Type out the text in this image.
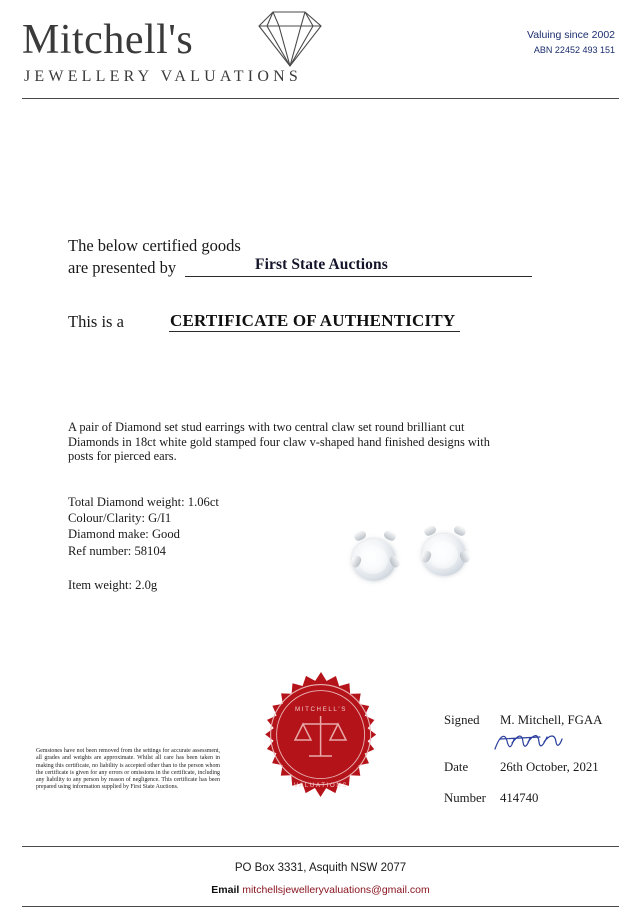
Mitchell's
JEWELLERY VALUATIONS
Valuing since 2002
ABN 22452 493 151
The below certified goods
are presented by	First State Auctions
This is a	CERTIFICATE OF AUTHENTICITY
A pair of Diamond set stud earrings with two central claw set round brilliant cut Diamonds in 18ct white gold stamped four claw v-shaped hand finished designs with posts for pierced ears.
Total Diamond weight: 1.06ct
Colour/Clarity: G/I1
Diamond make: Good
Ref number: 58104
Item weight: 2.0g
MITCHELL'S
VALUATIONS
Signed M. Mitchell, FGAA
Date 26th October, 2021
Number 414740
Gemstones have not been removed from the settings for accurate assessment, all grades and weights are approximate. Whilst all care has been taken in making this certificate, no liability is accepted other than to the person whom the certificate is given for any errors or omissions in the certificate, including any liability to any person by reason of negligence. This certificate has been prepared using information supplied by First State Auctions.
PO Box 3331, Asquith NSW 2077
Email mitchellsjewelleryvaluations@gmail.com
